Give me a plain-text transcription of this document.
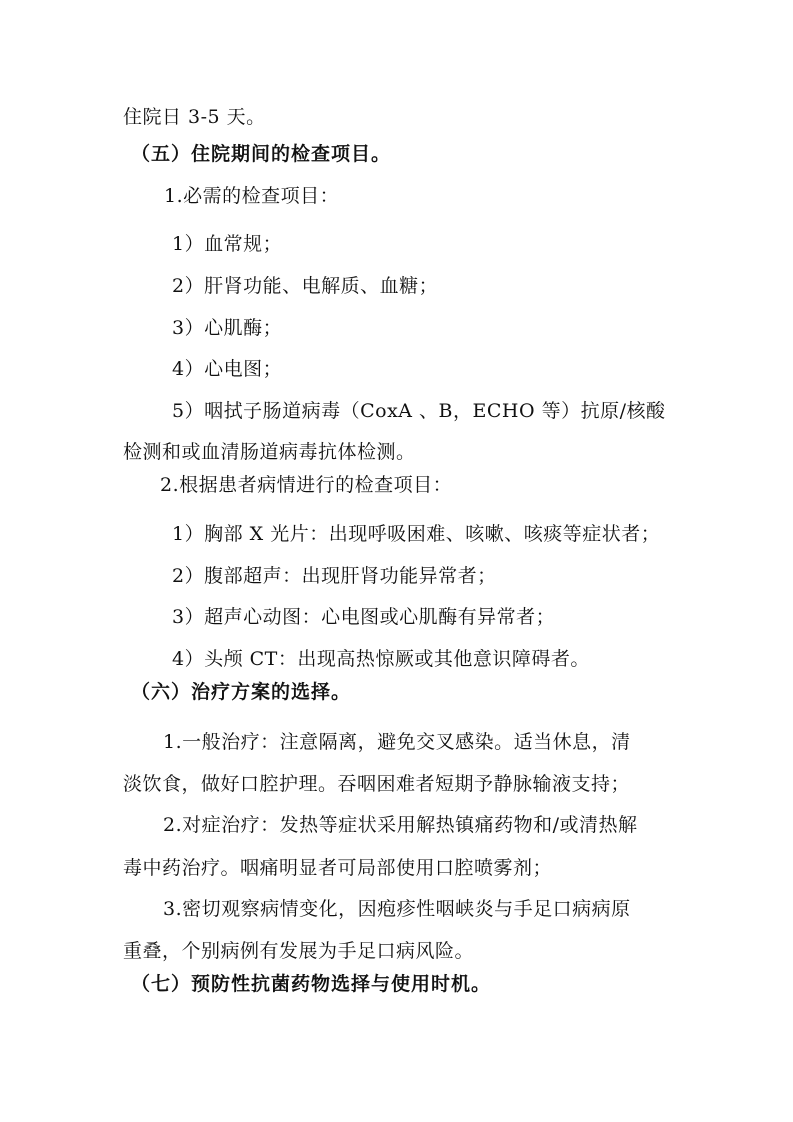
住院日 3-5 天。
（五）住院期间的检查项目。
1.必需的检查项目：
1）血常规；
2）肝肾功能、电解质、血糖；
3）心肌酶；
4）心电图；
5）咽拭子肠道病毒（CoxA 、B，ECHO 等）抗原/核酸
检测和或血清肠道病毒抗体检测。
2.根据患者病情进行的检查项目：
1）胸部 X 光片：出现呼吸困难、咳嗽、咳痰等症状者；
2）腹部超声：出现肝肾功能异常者；
3）超声心动图：心电图或心肌酶有异常者；
4）头颅 CT：出现高热惊厥或其他意识障碍者。
（六）治疗方案的选择。
1.一般治疗：注意隔离，避免交叉感染。适当休息，清
淡饮食，做好口腔护理。吞咽困难者短期予静脉输液支持；
2.对症治疗：发热等症状采用解热镇痛药物和/或清热解
毒中药治疗。咽痛明显者可局部使用口腔喷雾剂；
3.密切观察病情变化，因疱疹性咽峡炎与手足口病病原
重叠，个别病例有发展为手足口病风险。
（七）预防性抗菌药物选择与使用时机。
